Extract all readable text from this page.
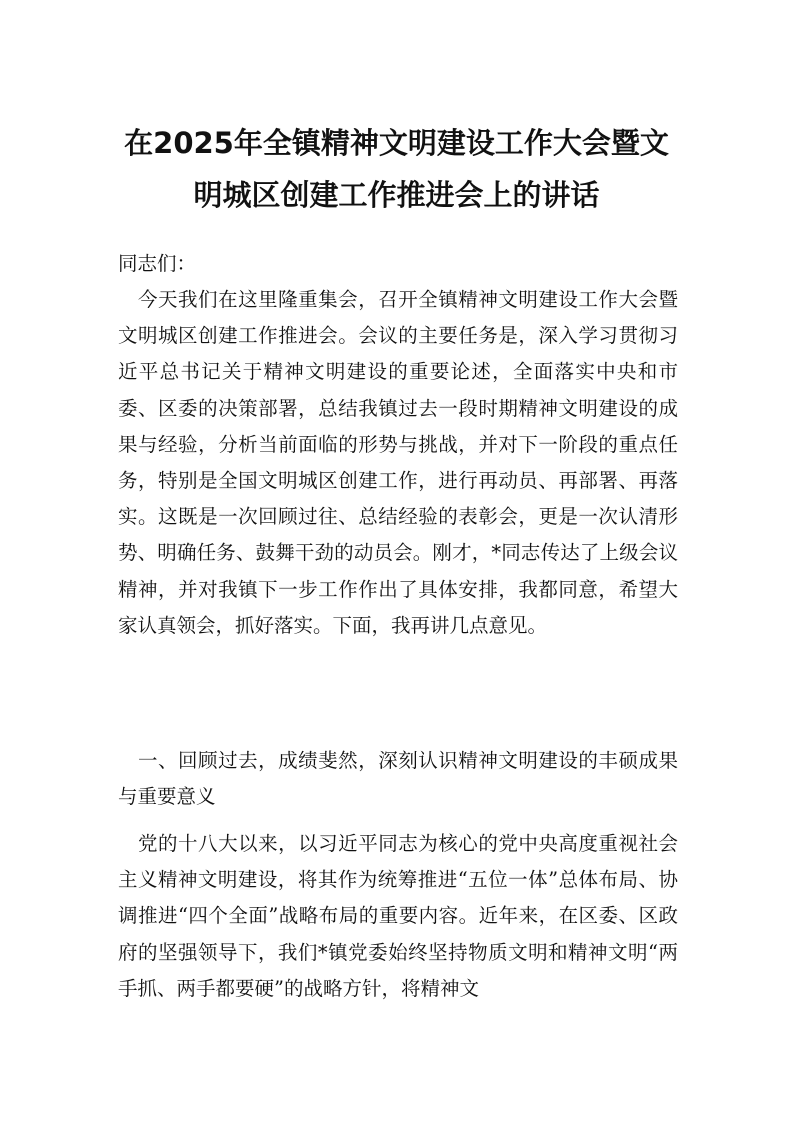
在2025年全镇精神文明建设工作大会暨文
明城区创建工作推进会上的讲话

同志们：

今天我们在这里隆重集会，召开全镇精神文明建设工作大会暨文明城区创建工作推进会。会议的主要任务是，深入学习贯彻习近平总书记关于精神文明建设的重要论述，全面落实中央和市委、区委的决策部署，总结我镇过去一段时期精神文明建设的成果与经验，分析当前面临的形势与挑战，并对下一阶段的重点任务，特别是全国文明城区创建工作，进行再动员、再部署、再落实。这既是一次回顾过往、总结经验的表彰会，更是一次认清形势、明确任务、鼓舞干劲的动员会。刚才，*同志传达了上级会议精神，并对我镇下一步工作作出了具体安排，我都同意，希望大家认真领会，抓好落实。下面，我再讲几点意见。

一、回顾过去，成绩斐然，深刻认识精神文明建设的丰硕成果与重要意义

党的十八大以来，以习近平同志为核心的党中央高度重视社会主义精神文明建设，将其作为统筹推进“五位一体”总体布局、协调推进“四个全面”战略布局的重要内容。近年来，在区委、区政府的坚强领导下，我们*镇党委始终坚持物质文明和精神文明“两手抓、两手都要硬”的战略方针，将精神文
